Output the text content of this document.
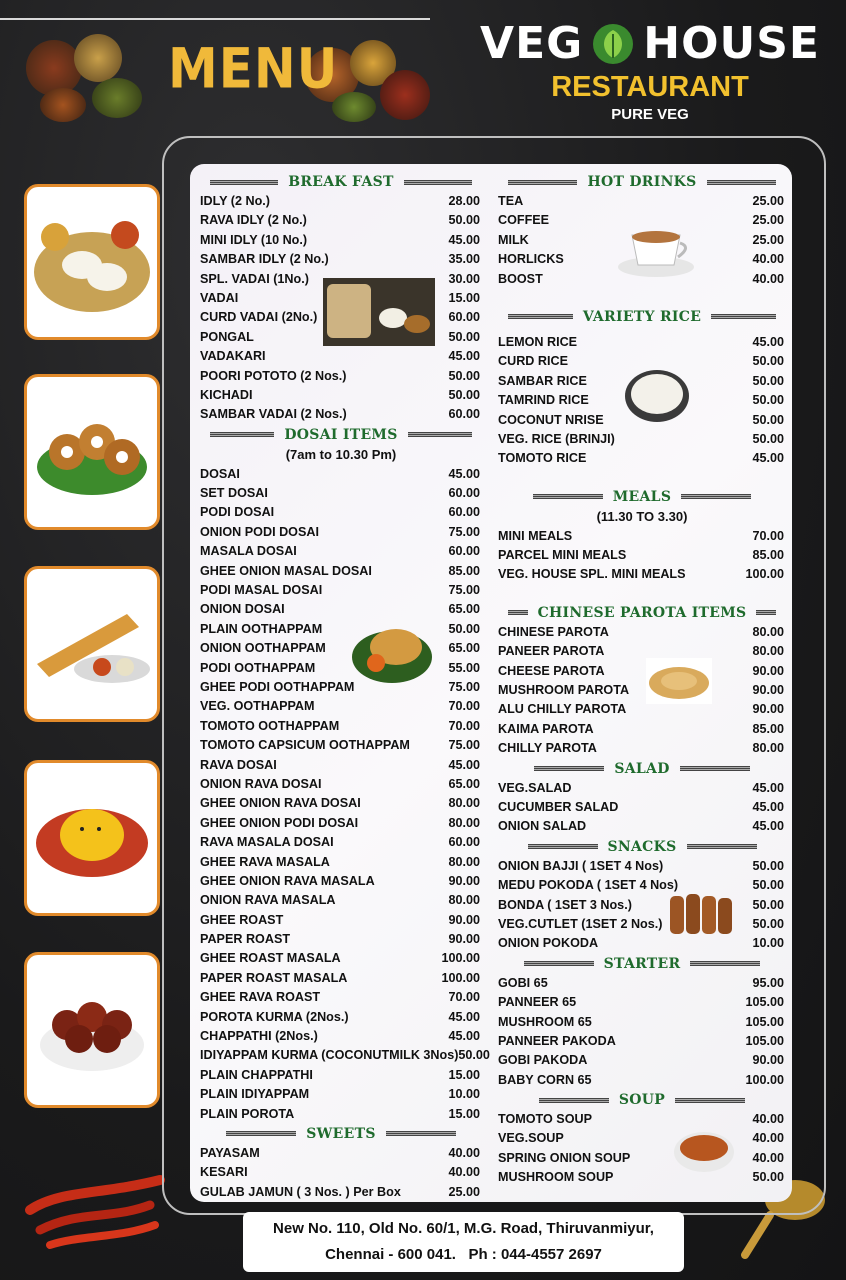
MENU	VEG HOUSE
RESTAURANT
PURE VEG
BREAK FAST
IDLY (2 No.)	28.00
RAVA IDLY (2 No.)	50.00
MINI IDLY (10 No.)	45.00
SAMBAR IDLY (2 No.)	35.00
SPL. VADAI (1No.)	30.00
VADAI	15.00
CURD VADAI (2No.)	60.00
PONGAL	50.00
VADAKARI	45.00
POORI POTOTO (2 Nos.)	50.00
KICHADI	50.00
SAMBAR VADAI (2 Nos.)	60.00
DOSAI ITEMS
(7am to 10.30 Pm)
DOSAI	45.00
SET DOSAI	60.00
PODI DOSAI	60.00
ONION PODI DOSAI	75.00
MASALA DOSAI	60.00
GHEE ONION MASAL DOSAI	85.00
PODI MASAL DOSAI	75.00
ONION DOSAI	65.00
PLAIN OOTHAPPAM	50.00
ONION OOTHAPPAM	65.00
PODI OOTHAPPAM	55.00
GHEE PODI OOTHAPPAM	75.00
VEG. OOTHAPPAM	70.00
TOMOTO OOTHAPPAM	70.00
TOMOTO CAPSICUM OOTHAPPAM	75.00
RAVA DOSAI	45.00
ONION RAVA DOSAI	65.00
GHEE ONION RAVA DOSAI	80.00
GHEE ONION PODI DOSAI	80.00
RAVA MASALA DOSAI	60.00
GHEE RAVA MASALA	80.00
GHEE ONION RAVA MASALA	90.00
ONION RAVA MASALA	80.00
GHEE ROAST	90.00
PAPER ROAST	90.00
GHEE ROAST MASALA	100.00
PAPER ROAST MASALA	100.00
GHEE RAVA ROAST	70.00
POROTA KURMA (2Nos.)	45.00
CHAPPATHI (2Nos.)	45.00
IDIYAPPAM KURMA (COCONUTMILK 3Nos) 50.00
PLAIN CHAPPATHI	15.00
PLAIN IDIYAPPAM	10.00
PLAIN POROTA	15.00
SWEETS
PAYASAM	40.00
KESARI	40.00
GULAB JAMUN ( 3 Nos. ) Per Box	25.00
HOT DRINKS
TEA	25.00
COFFEE	25.00
MILK	25.00
HORLICKS	40.00
BOOST	40.00
VARIETY RICE
LEMON RICE	45.00
CURD RICE	50.00
SAMBAR RICE	50.00
TAMRIND RICE	50.00
COCONUT NRISE	50.00
VEG. RICE (BRINJI)	50.00
TOMOTO RICE	45.00
MEALS
(11.30 TO 3.30)
MINI MEALS	70.00
PARCEL MINI MEALS	85.00
VEG. HOUSE SPL. MINI MEALS	100.00
CHINESE PAROTA ITEMS
CHINESE PAROTA	80.00
PANEER PAROTA	80.00
CHEESE PAROTA	90.00
MUSHROOM PAROTA	90.00
ALU CHILLY PAROTA	90.00
KAIMA PAROTA	85.00
CHILLY PAROTA	80.00
SALAD
VEG.SALAD	45.00
CUCUMBER SALAD	45.00
ONION SALAD	45.00
SNACKS
ONION BAJJI ( 1SET 4 Nos)	50.00
MEDU POKODA ( 1SET 4 Nos)	50.00
BONDA ( 1SET 3 Nos.)	50.00
VEG.CUTLET (1SET 2 Nos.)	50.00
ONION POKODA	10.00
STARTER
GOBI 65	95.00
PANNEER 65	105.00
MUSHROOM 65	105.00
PANNEER PAKODA	105.00
GOBI PAKODA	90.00
BABY CORN 65	100.00
SOUP
TOMOTO SOUP	40.00
VEG.SOUP	40.00
SPRING ONION SOUP	40.00
MUSHROOM SOUP	50.00
New No. 110, Old No. 60/1, M.G. Road, Thiruvanmiyur,
Chennai - 600 041.   Ph : 044-4557 2697
